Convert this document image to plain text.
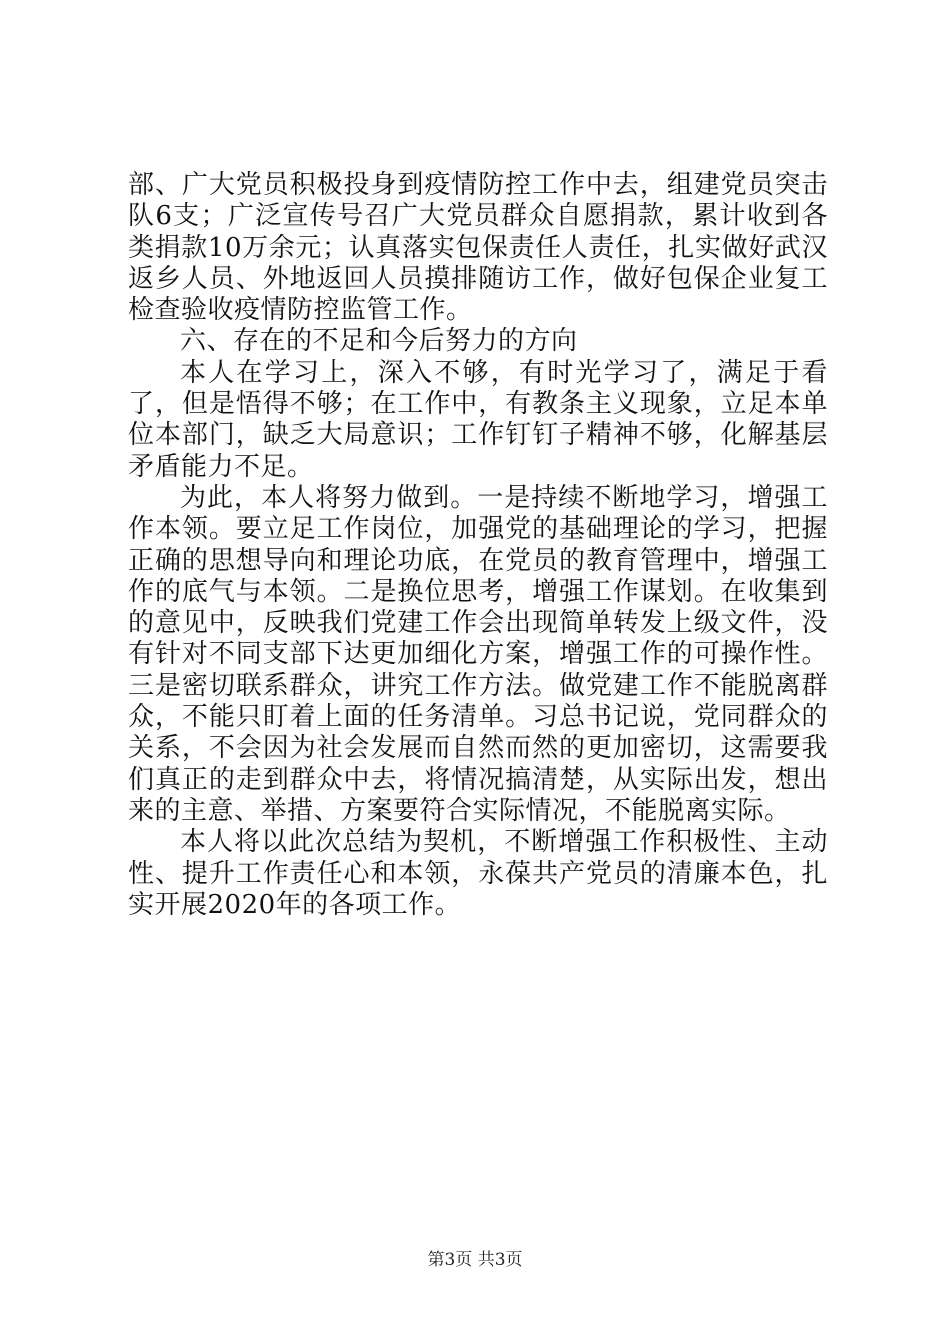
部、广大党员积极投身到疫情防控工作中去，组建党员突击队6支；广泛宣传号召广大党员群众自愿捐款，累计收到各类捐款10万余元；认真落实包保责任人责任，扎实做好武汉返乡人员、外地返回人员摸排随访工作，做好包保企业复工检查验收疫情防控监管工作。

六、存在的不足和今后努力的方向

本人在学习上，深入不够，有时光学习了，满足于看了，但是悟得不够；在工作中，有教条主义现象，立足本单位本部门，缺乏大局意识；工作钉钉子精神不够，化解基层矛盾能力不足。

为此，本人将努力做到。一是持续不断地学习，增强工作本领。要立足工作岗位，加强党的基础理论的学习，把握正确的思想导向和理论功底，在党员的教育管理中，增强工作的底气与本领。二是换位思考，增强工作谋划。在收集到的意见中，反映我们党建工作会出现简单转发上级文件，没有针对不同支部下达更加细化方案，增强工作的可操作性。三是密切联系群众，讲究工作方法。做党建工作不能脱离群众，不能只盯着上面的任务清单。习总书记说，党同群众的关系，不会因为社会发展而自然而然的更加密切，这需要我们真正的走到群众中去，将情况搞清楚，从实际出发，想出来的主意、举措、方案要符合实际情况，不能脱离实际。

本人将以此次总结为契机，不断增强工作积极性、主动性、提升工作责任心和本领，永葆共产党员的清廉本色，扎实开展2020年的各项工作。

第3页 共3页
